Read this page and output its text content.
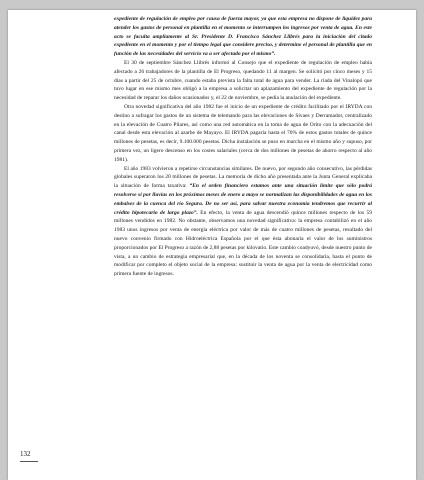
expediente de regulación de empleo por causa de fuerza mayor, ya que esta empresa no dispone de liquidez para atender los gastos de personal en plantilla en el momento se interrumpen los ingresos por venta de agua. En este acto se faculta ampliamente al Sr. Presidente D. Francisco Sánchez Llibrés para la iniciación del citado expediente en el momento y por el tiempo legal que considere preciso, y determine el personal de plantilla que en función de las necesidades del servicio va a ser afectado por el mismo”.

El 30 de septiembre Sánchez Llibrés informó al Consejo que el expediente de regulación de empleo había afectado a 26 trabajadores de la plantilla de El Progreso, quedando 11 al margen. Se solicitó por cinco meses y 15 días a partir del 25 de octubre, cuando estaba prevista la falta total de agua para vender. La riada del Vinalopó que tuvo lugar en ese mismo mes obligó a la empresa a solicitar un aplazamiento del expediente de regulación por la necesidad de reparar los daños ocasionados y, el 22 de noviembre, se pedía la anulación del expediente.

Otra novedad significativa del año 1982 fue el inicio de un expediente de crédito facilitado por el IRYDA con destino a sufragar los gastos de un sistema de telemando para las elevaciones de Sivaes y Derramador, centralizado en la elevación de Cuatro Pilares, así como una red automática en la toma de agua de Orito con la adecuación del canal desde esta elevación al azarbe de Mayayo. El IRYDA pagaría hasta el 70% de estos gastos totales de quince millones de pesetas, es decir, 9.100.000 pesetas. Dicha instalación se puso en marcha en el mismo año y supuso, por primera vez, un ligero descenso en los costes salariales (cerca de dos millones de pesetas de ahorro respecto al año 1981).

El año 1983 volvieron a repetirse circunstancias similares. De nuevo, por segundo año consecutivo, las pérdidas globales superaron los 20 millones de pesetas. La memoria de dicho año presentada ante la Junta General explicaba la situación de forma taxativa: “En el orden financiero estamos ante una situación límite que sólo podrá resolverse si por lluvias en los próximos meses de enero a mayo se normalizan las disponibilidades de agua en los embalses de la cuenca del río Segura. De no ser así, para salvar nuestra economía tendremos que recurrir al crédito hipotecario de largo plazo”. En efecto, la venta de agua descendió quince millones respecto de los 59 millones vendidos en 1982. No obstante, observamos una novedad significativa: la empresa contabilizó en el año 1983 unos ingresos por venta de energía eléctrica por valor de más de cuatro millones de pesetas, resultado del nuevo convenio firmado con Hidroeléctrica Española por el que ésta abonaría el valor de los suministros proporcionados por El Progreso a razón de 2,88 pesetas por kilovatio. Este cambio coadyuvó, desde nuestro punto de vista, a un cambio de estrategia empresarial que, en la década de los noventa se consolidaría, hasta el punto de modificar por completo el objeto social de la empresa: sustituir la venta de agua por la venta de electricidad como primera fuente de ingresos.

132
